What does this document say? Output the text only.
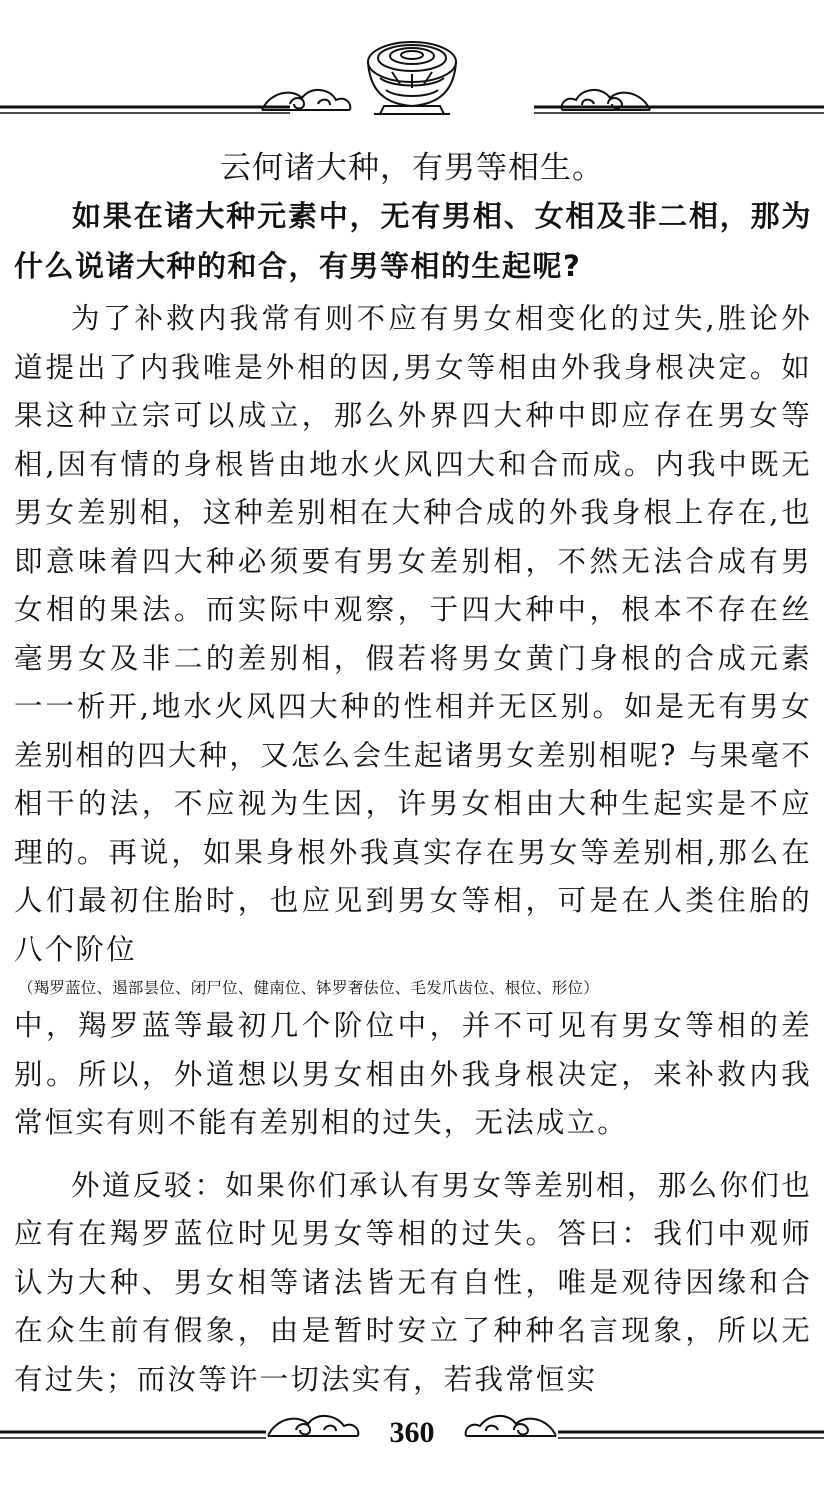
云何诸大种，有男等相生。

如果在诸大种元素中，无有男相、女相及非二相，那为什么说诸大种的和合，有男等相的生起呢?

为了补救内我常有则不应有男女相变化的过失,胜论外道提出了内我唯是外相的因,男女等相由外我身根决定。如果这种立宗可以成立，那么外界四大种中即应存在男女等相,因有情的身根皆由地水火风四大和合而成。内我中既无男女差别相，这种差别相在大种合成的外我身根上存在,也即意味着四大种必须要有男女差别相，不然无法合成有男女相的果法。而实际中观察，于四大种中，根本不存在丝毫男女及非二的差别相，假若将男女黄门身根的合成元素一一析开,地水火风四大种的性相并无区别。如是无有男女差别相的四大种，又怎么会生起诸男女差别相呢? 与果毫不相干的法，不应视为生因，许男女相由大种生起实是不应理的。再说，如果身根外我真实存在男女等差别相,那么在人们最初住胎时，也应见到男女等相，可是在人类住胎的八个阶位
（羯罗蓝位、遏部昙位、闭尸位、健南位、钵罗奢佉位、毛发爪齿位、根位、形位）
中，羯罗蓝等最初几个阶位中，并不可见有男女等相的差别。所以，外道想以男女相由外我身根决定，来补救内我常恒实有则不能有差别相的过失，无法成立。

外道反驳：如果你们承认有男女等差别相，那么你们也应有在羯罗蓝位时见男女等相的过失。答曰：我们中观师认为大种、男女相等诸法皆无有自性，唯是观待因缘和合在众生前有假象，由是暂时安立了种种名言现象，所以无有过失；而汝等许一切法实有，若我常恒实

360
